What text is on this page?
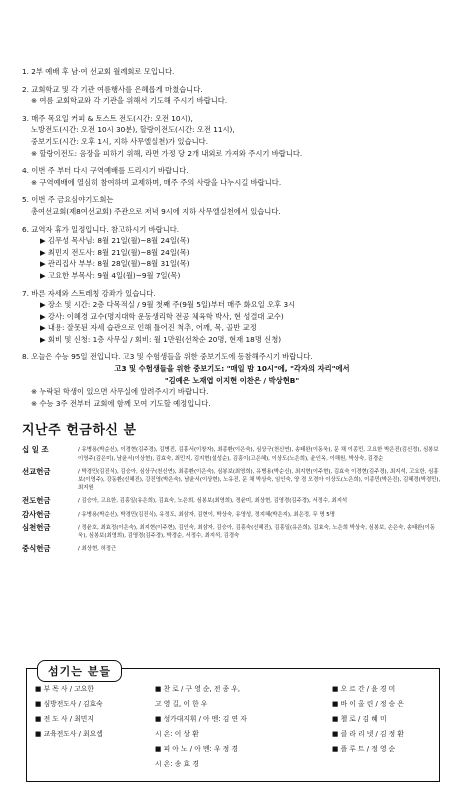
1. 2부 예배 후 남·여 선교회 월례회로 모입니다.
2. 교회학교 및 각 기관 여름행사를 은혜롭게 마쳤습니다.
※ 여름 교회학교와 각 기관을 위해서 기도해 주시기 바랍니다.
3. 매주 목요일 커피 & 토스트 전도(시간: 오전 10시),
노방전도(시간: 오전 10시 30분), 할랑이전도(시간: 오전 11시),
중보기도(시간: 오후 1시, 지하 사무엘실천)가 있습니다.
※ 할랑이전도: 음장을 피하기 위해, 라면 가정 당 2개 내외로 가져와 주시기 바랍니다.
4. 이번 주 부터 다시 구역예배를 드리시기 바랍니다.
※ 구역예배에 열심히 참여하며 교제하며, 매주 주의 사랑을 나누시길 바랍니다.
5. 이번 주 금요심야기도회는
총여선교회(제8여선교회) 주관으로 저녁 9시에 지하 사무엘실천에서 있습니다.
6. 교역자 휴가 일정입니다. 참고하시기 바랍니다.
▶ 김무성 목사님: 8월 21일(월)~8월 24일(목)
▶ 최민지 전도사: 8월 21일(월)~8월 24일(목)
▶ 관리집사 부부: 8월 28일(월)~8월 31일(목)
▶ 고요한 부목사: 9월 4일(월)~9월 7일(목)
7. 바른 자세와 스트레칭 강좌가 있습니다.
▶ 장소 및 시간: 2층 다목적실 / 9월 첫째 주(9월 5일)부터 매주 화요일 오후 3시
▶ 강사: 이혜경 교수(명지대학 운동생리학 전공 체육학 박사, 현 성결대 교수)
▶ 내용: 잘못된 자세 습관으로 인해 틀어진 척추, 어깨, 목, 골반 교정
▶ 회비 및 신청: 1층 사무실 / 회비: 월 1만원(선착순 20명, 현재 18명 신청)
8. 오늘은 수능 95일 전입니다. 고3 및 수험생들을 위한 중보기도에 동참해주시기 바랍니다.
고3 및 수험생들을 위한 중보기도: "매일 밤 10시"에, "각자의 자리"에서
"김예은 노재엽 이지현 이찬은 / 박상현B"
※ 누락된 학생이 있으면 사무실에 알려주시기 바랍니다.
※ 수능 3주 전부터 교회에 함께 모여 기도할 예정입니다.
지난주 헌금하신 분
십 일 조	/ 유병용(박순신), 이경현(김주경), 김병진, 김흥서(이창자), 최종환(이은숙), 심상구(천신연), 송태완(이동욱), 문 채 이종민, 고요한 박은진(김신정), 심봉보 이영주(김은미), 남윤서(이상현), 김효숙, 최민지, 김지현(설성순), 김흥이(고은혜), 이상도(노은희), 윤인옥, 이해원, 박상숙, 김경순
선교헌금	/ 박경민(김진식), 김승아, 심상구(천신연), 최종환(이은숙), 심봉보(최영희), 유병용(박순신), 최지현(이주현), 김효숙 이경현(김주경), 최지석, 고요한, 심흥보(이영주), 강동환(신혜진), 강진영(박은숙), 남윤서(이상현), 노유진, 문 채 박상숙, 임인숙, 양 경 오경아 이상도(노은희), 이종민(박은진), 김혜경(박경민), 최지원
전도헌금	/ 김승아, 고요한, 김흥일(유은희), 김효숙, 노은희, 심봉보(최영희), 정윤미, 최상현, 김영경(김주경), 서정수, 최지석
감사헌금	/ 유병용(박순신), 박경민(김진식), 유정도, 최삼자, 김현이, 박상숙, 유영성, 정지혜(박은지), 최은정, 무 명 5명
심천헌금	/ 정윤호, 최효정(이은숙), 최지현(이주현), 김인숙, 최삼자, 김승아, 김흥숙(신혜진), 김흥일(유은희), 김효숙, 노은희 박상숙, 심봉보, 손은숙, 송태완(이동욱), 심봉보(최영희), 김영경(김주경), 박경순, 서정수, 최지석, 김경숙
중식헌금	/ 최상현, 허정근
섬기는 분들
■ 부 목 사 / 고요한
■ 심방전도사 / 김효숙
■ 전 도 사 / 최민지
■ 교육전도사 / 최요셉
■ 찬 로 / 구 영 순, 전 종 우,
고 영 길, 이 한 우
■ 성가대지휘 / 아 멘: 김 연 자
시 온: 이 상 환
■ 피 아 노 / 아 멘: 우 정 경
시 온: 송 효 경
■ 오 르 간 / 윤 경 미
■ 바 이 올 린 / 정 승 은
■ 첼 로 / 김 혜 미
■ 클 라 리 넷 / 김 정 환
■ 플 루 트 / 정 영 순
